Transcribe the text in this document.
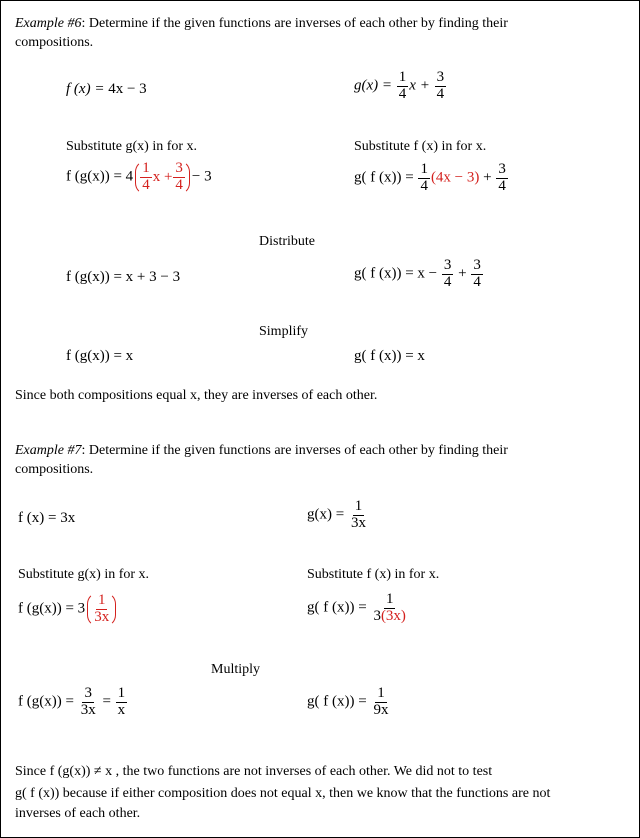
Example #6: Determine if the given functions are inverses of each other by finding their
compositions.
f (x) = 4x − 3	$g(x) = \frac{1}{4}$ $x + \frac{3}{4}$
Substitute g(x) in for x.	Substitute f (x) in for x.
f $(g(x)) = 4 \frac{1}{4}$ $x + \frac{3}{4} - 3$	g( f $(x)) = \frac{1}{4} (4x - 3) + \frac{3}{4}$
Distribute
f (g(x)) = x + 3 − 3	g( f $(x)) = x - \frac{3}{4} + \frac{3}{4}$
Simplify
f (g(x)) = x	g( f (x)) = x
Since both compositions equal x, they are inverses of each other.
Example #7: Determine if the given functions are inverses of each other by finding their
compositions.
f (x) = 3x	$g(x) = \frac{1}{3x}$
Substitute g(x) in for x.	Substitute f (x) in for x.
f $(g(x)) = 3 \frac{1}{3x}$	g( f $(x)) = \frac{1}{3(3x)}$
Multiply
f $(g(x)) = \frac{3}{3x} = \frac{1}{x}$	g( f $(x)) = \frac{1}{9x}$
Since f (g(x)) ≠ x , the two functions are not inverses of each other. We did not to test
g( f (x)) because if either composition does not equal x, then we know that the functions are not
inverses of each other.
